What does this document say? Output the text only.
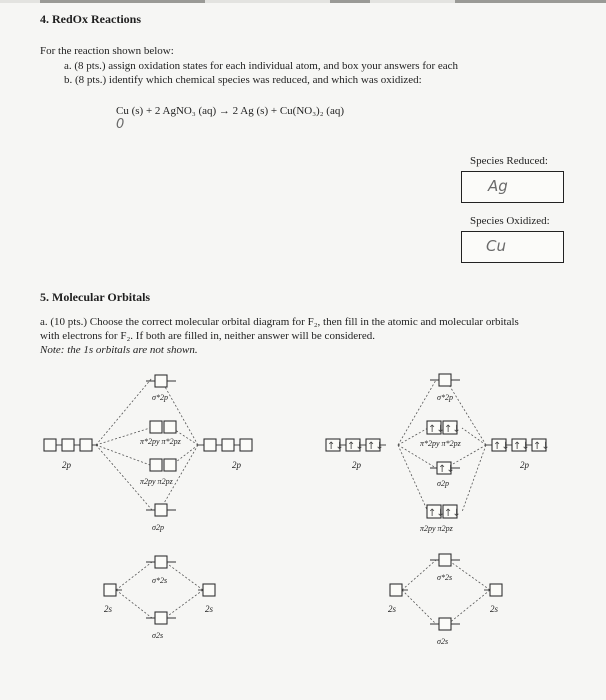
4. RedOx Reactions
For the reaction shown below:
a. (8 pts.) assign oxidation states for each individual atom, and box your answers for each
b. (8 pts.) identify which chemical species was reduced, and which was oxidized:
Cu (s) + 2 AgNO₃ (aq) → 2 Ag (s) + Cu(NO₃)₂ (aq)
0
Species Reduced:
Ag
Species Oxidized:
Cu
5. Molecular Orbitals
a. (10 pts.) Choose the correct molecular orbital diagram for F₂, then fill in the atomic and molecular orbitals
with electrons for F₂. If both are filled in, neither answer will be considered.
Note: the 1s orbitals are not shown.
2p	2p
σ*2p
π*2py π*2pz
π2py π2pz
σ2p
σ*2s
σ2s
2s	2s
↑↓ ↑↓ ↑↓
2p
↑↓ ↑↓ ↑↓
2p
σ*2p
↑↓ ↑↓
π*2py π*2pz
↑↓
σ2p
↑↓ ↑↓
π2py π2pz
σ*2s
σ2s
2s	2s
